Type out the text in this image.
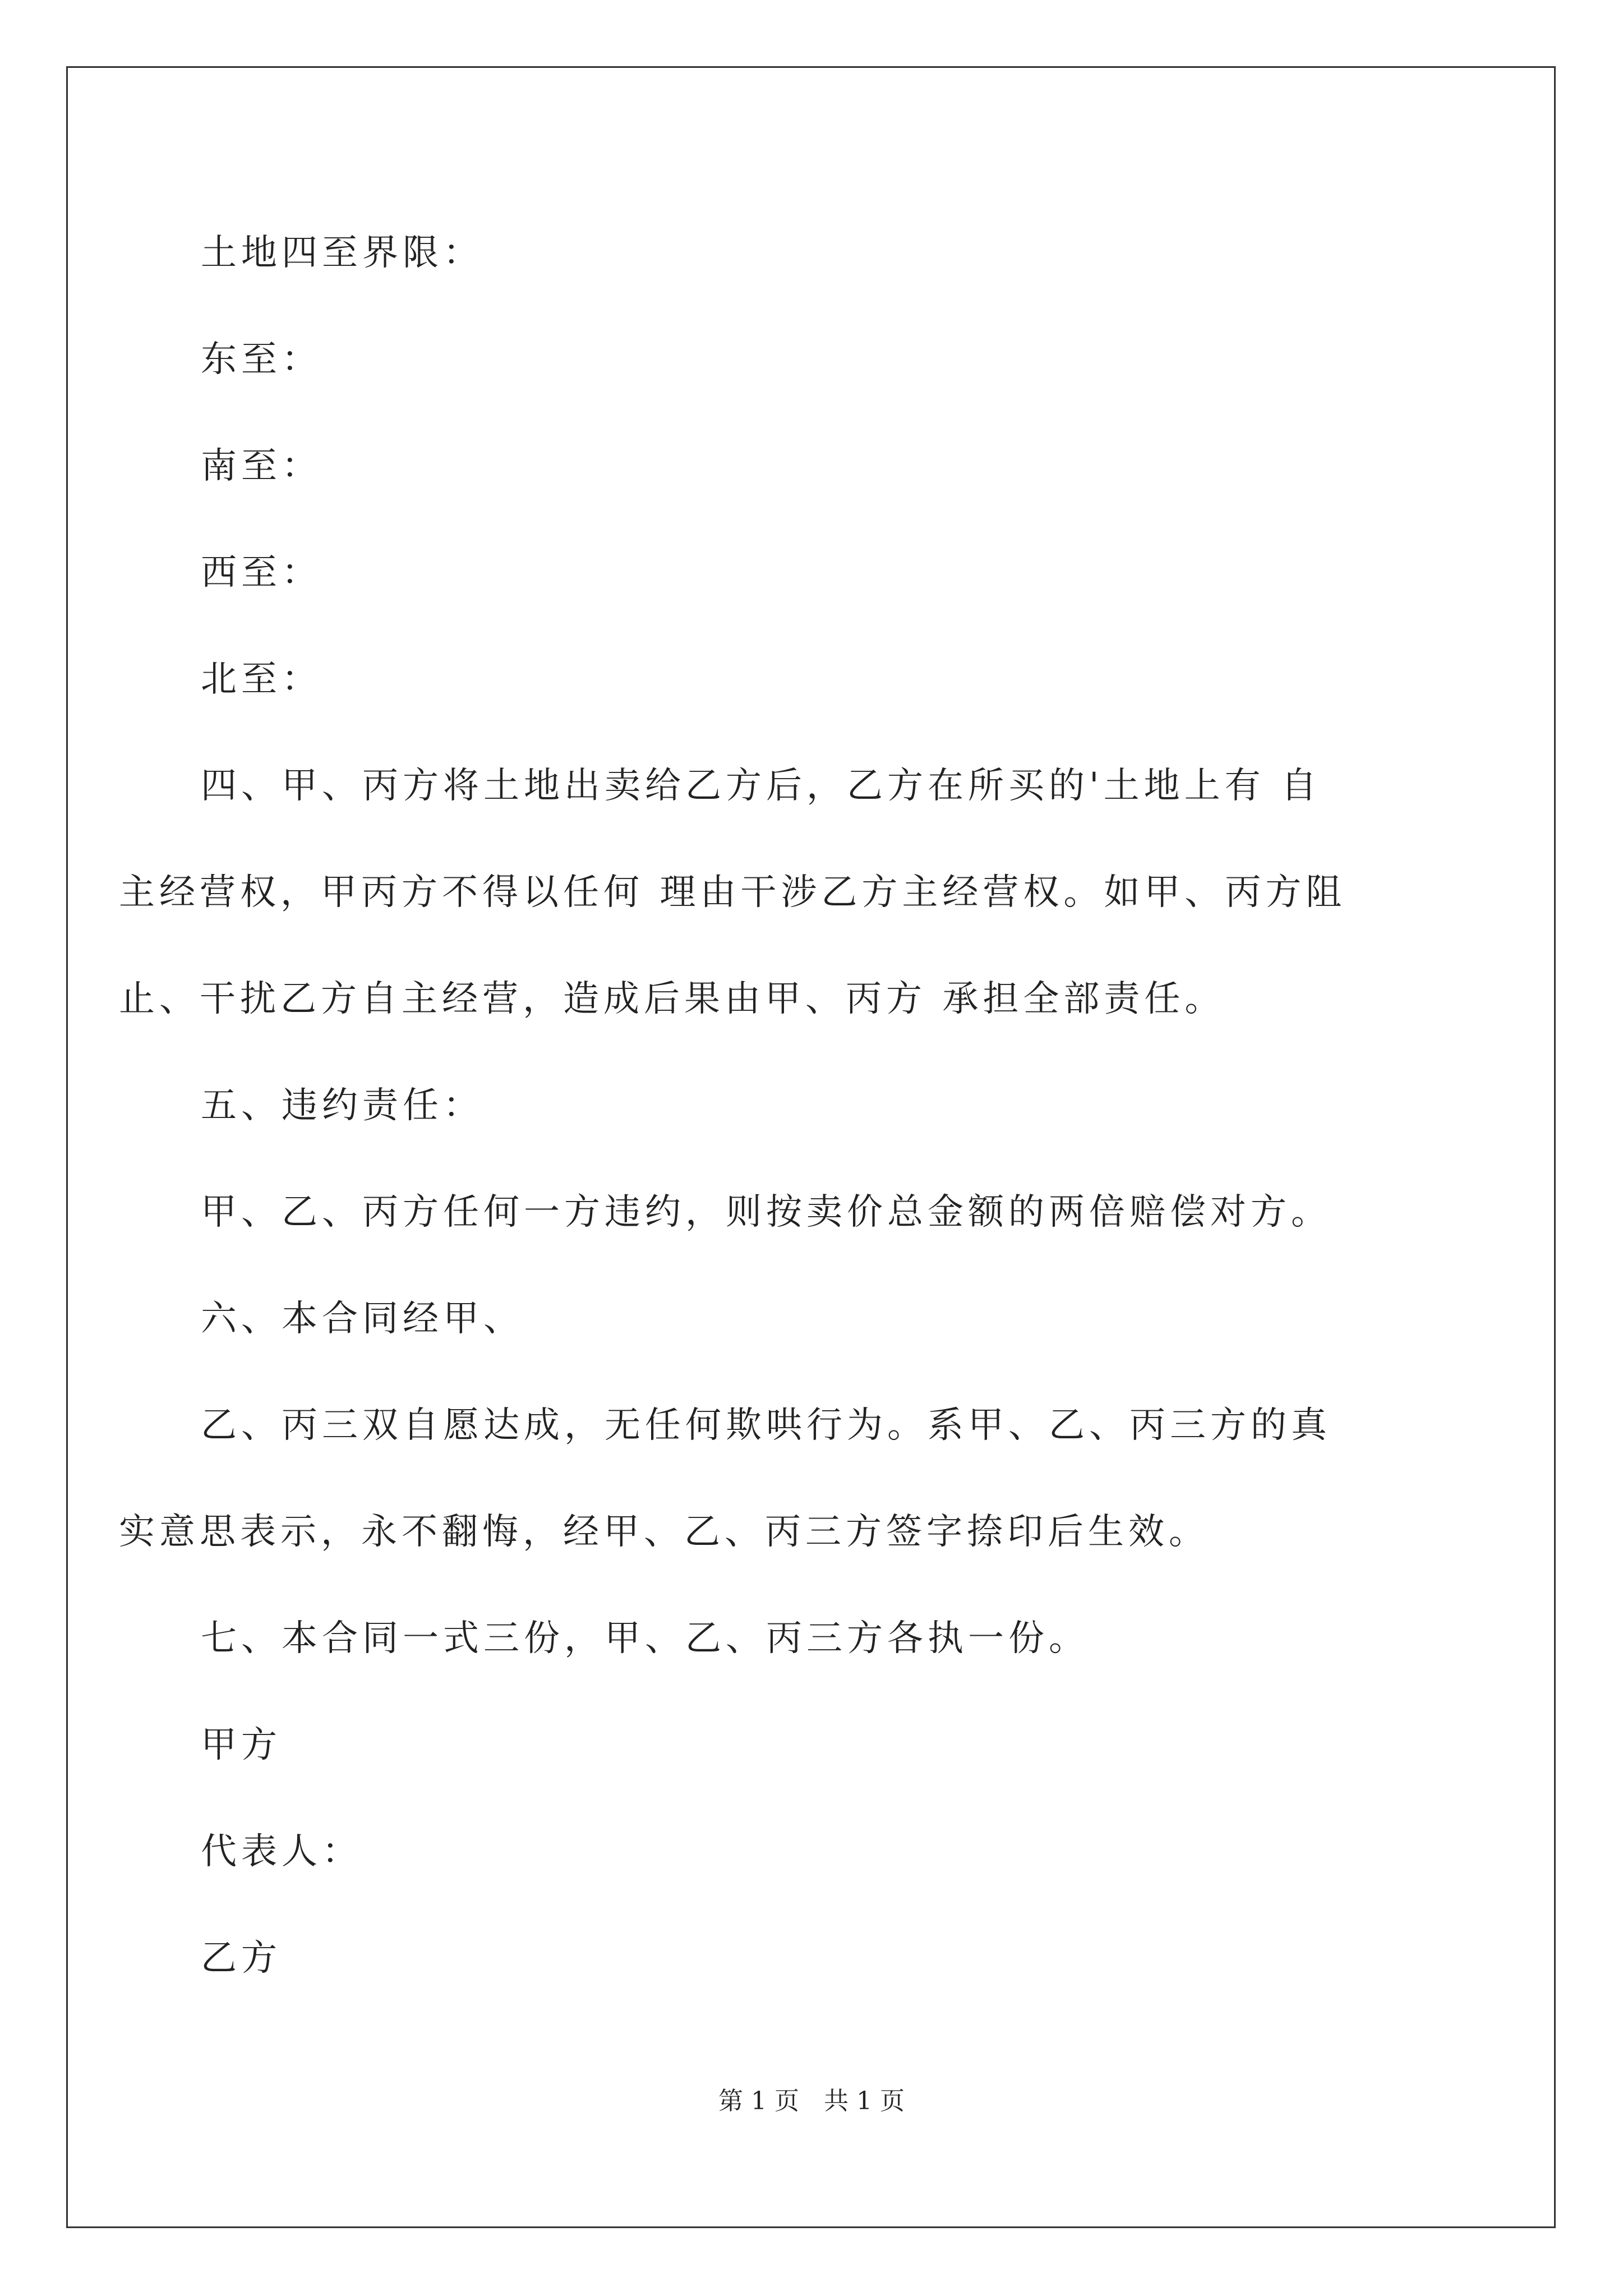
土地四至界限：
东至：
南至：
西至：
北至：
四、甲、丙方将土地出卖给乙方后，乙方在所买的'土地上有 自
主经营权，甲丙方不得以任何 理由干涉乙方主经营权。如甲、丙方阻
止、干扰乙方自主经营，造成后果由甲、丙方 承担全部责任。
五、违约责任：
甲、乙、丙方任何一方违约，则按卖价总金额的两倍赔偿对方。
六、本合同经甲、
乙、丙三双自愿达成，无任何欺哄行为。系甲、乙、丙三方的真
实意思表示，永不翻悔，经甲、乙、丙三方签字捺印后生效。
七、本合同一式三份，甲、乙、丙三方各执一份。
甲方
代表人：
乙方
第 1 页　共 1 页
